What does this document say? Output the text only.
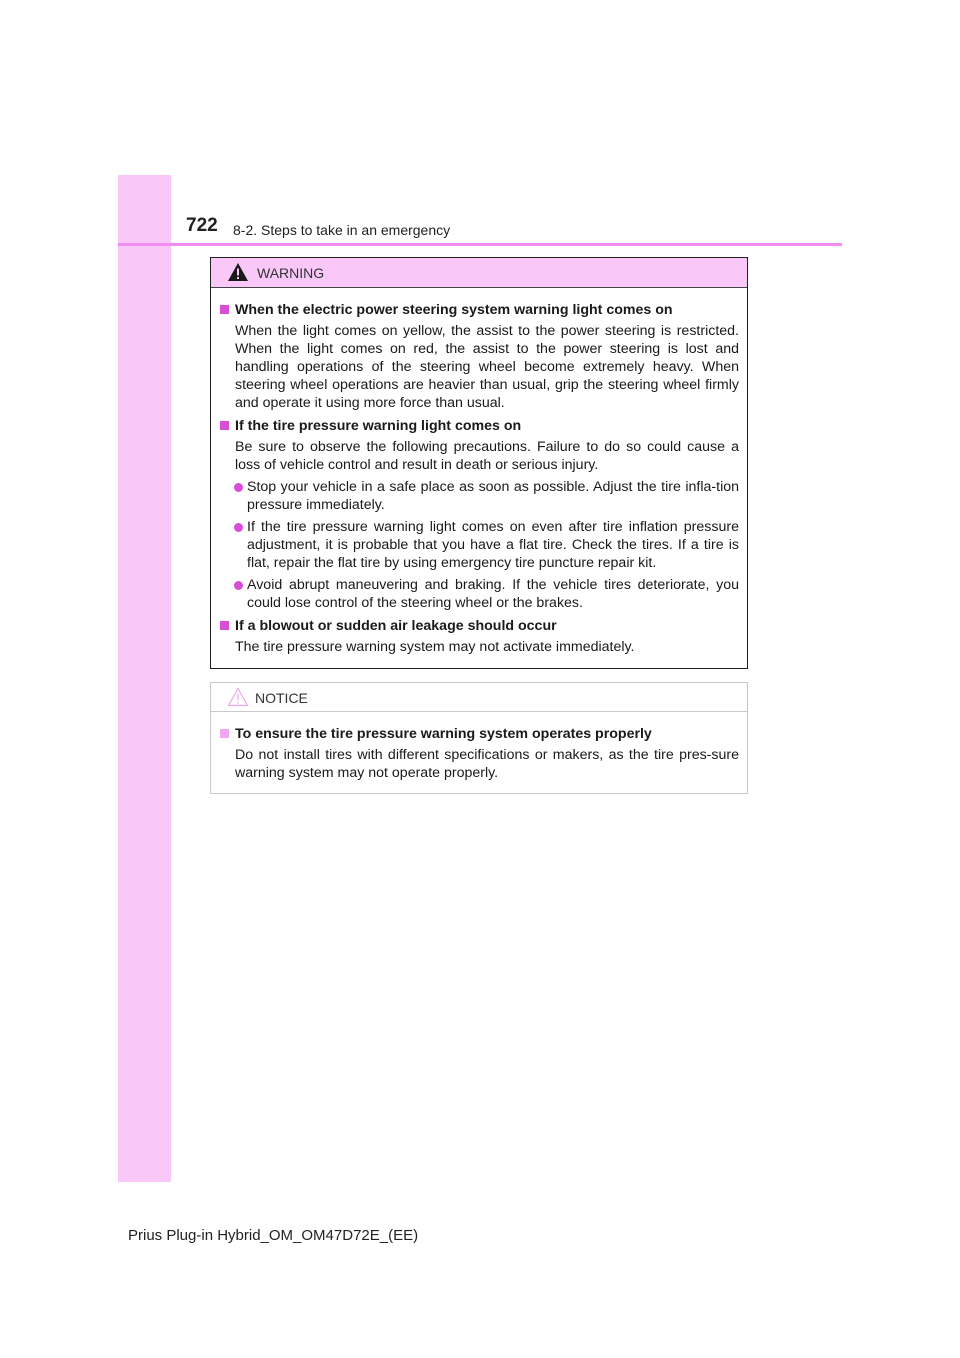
722 8-2. Steps to take in an emergency
WARNING
When the electric power steering system warning light comes on
When the light comes on yellow, the assist to the power steering is restricted. When the light comes on red, the assist to the power steering is lost and handling operations of the steering wheel become extremely heavy. When steering wheel operations are heavier than usual, grip the steering wheel firmly and operate it using more force than usual.
If the tire pressure warning light comes on
Be sure to observe the following precautions. Failure to do so could cause a loss of vehicle control and result in death or serious injury.
Stop your vehicle in a safe place as soon as possible. Adjust the tire infla-tion pressure immediately.
If the tire pressure warning light comes on even after tire inflation pressure adjustment, it is probable that you have a flat tire. Check the tires. If a tire is flat, repair the flat tire by using emergency tire puncture repair kit.
Avoid abrupt maneuvering and braking. If the vehicle tires deteriorate, you could lose control of the steering wheel or the brakes.
If a blowout or sudden air leakage should occur
The tire pressure warning system may not activate immediately.
NOTICE
To ensure the tire pressure warning system operates properly
Do not install tires with different specifications or makers, as the tire pres-sure warning system may not operate properly.
Prius Plug-in Hybrid_OM_OM47D72E_(EE)
